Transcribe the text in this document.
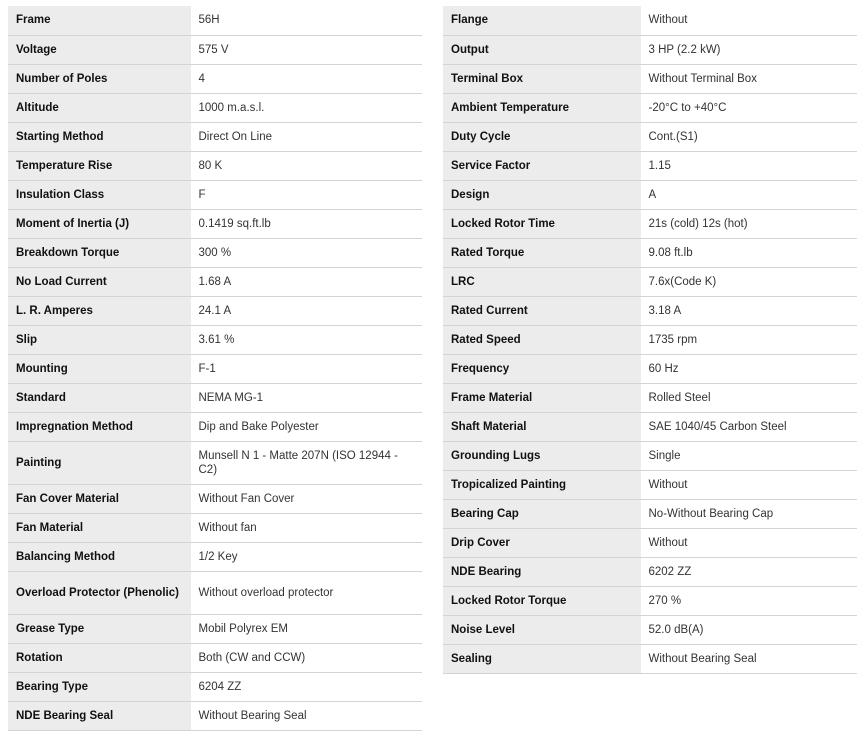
Frame	56H
Voltage	575 V
Number of Poles	4
Altitude	1000 m.a.s.l.
Starting Method	Direct On Line
Temperature Rise	80 K
Insulation Class	F
Moment of Inertia (J)	0.1419 sq.ft.lb
Breakdown Torque	300 %
No Load Current	1.68 A
L. R. Amperes	24.1 A
Slip	3.61 %
Mounting	F-1
Standard	NEMA MG-1
Impregnation Method	Dip and Bake Polyester
Painting	Munsell N 1 - Matte 207N (ISO 12944 - C2)
Fan Cover Material	Without Fan Cover
Fan Material	Without fan
Balancing Method	1/2 Key
Overload Protector (Phenolic)	Without overload protector
Grease Type	Mobil Polyrex EM
Rotation	Both (CW and CCW)
Bearing Type	6204 ZZ
NDE Bearing Seal	Without Bearing Seal
Flange	Without
Output	3 HP (2.2 kW)
Terminal Box	Without Terminal Box
Ambient Temperature	-20°C to +40°C
Duty Cycle	Cont.(S1)
Service Factor	1.15
Design	A
Locked Rotor Time	21s (cold) 12s (hot)
Rated Torque	9.08 ft.lb
LRC	7.6x(Code K)
Rated Current	3.18 A
Rated Speed	1735 rpm
Frequency	60 Hz
Frame Material	Rolled Steel
Shaft Material	SAE 1040/45 Carbon Steel
Grounding Lugs	Single
Tropicalized Painting	Without
Bearing Cap	No-Without Bearing Cap
Drip Cover	Without
NDE Bearing	6202 ZZ
Locked Rotor Torque	270 %
Noise Level	52.0 dB(A)
Sealing	Without Bearing Seal
